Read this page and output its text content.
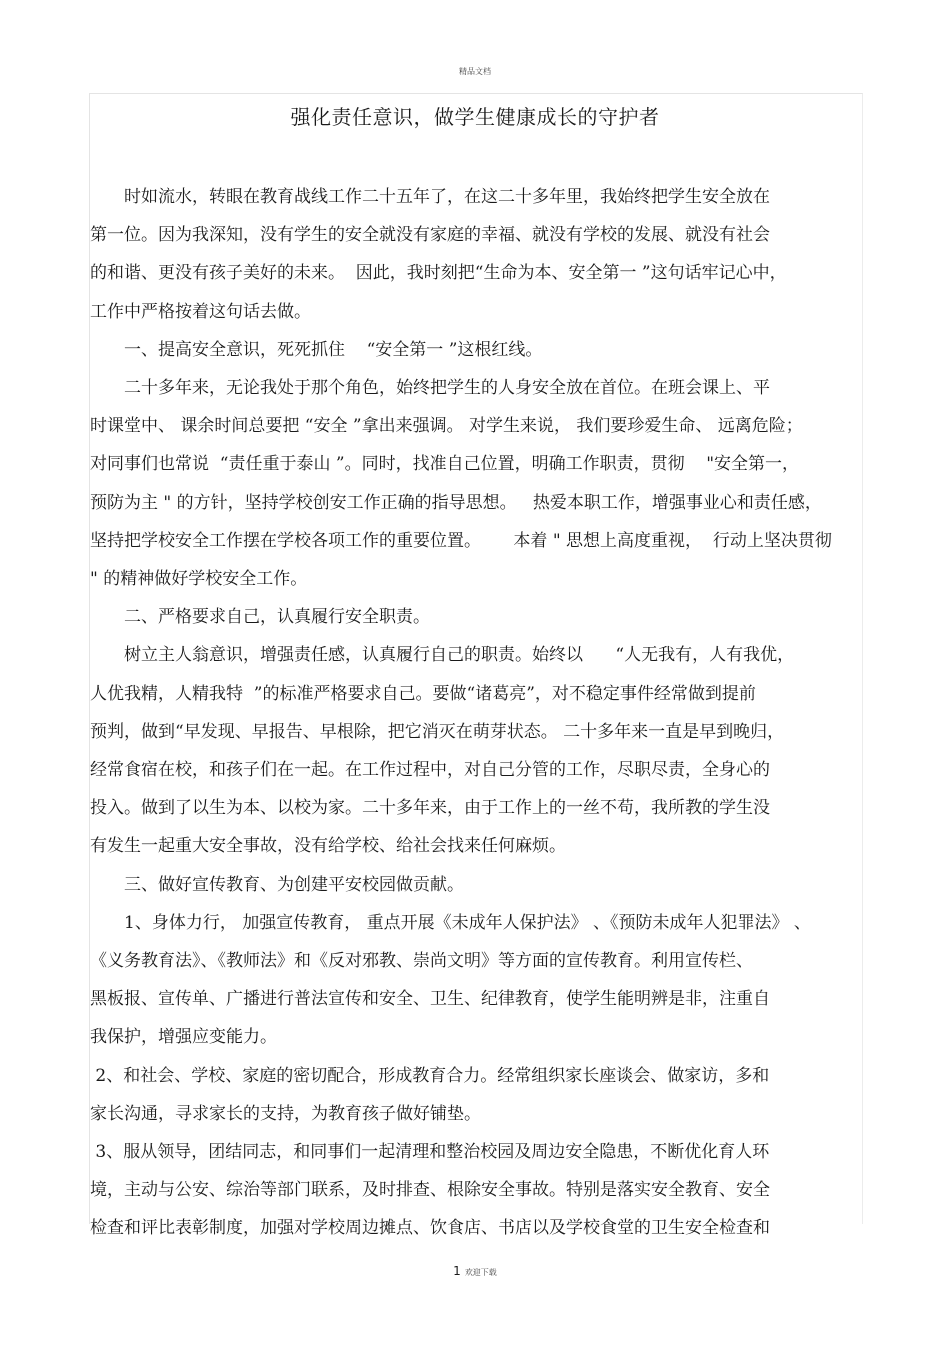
精品文档
强化责任意识，做学生健康成长的守护者
　　时如流水，转眼在教育战线工作二十五年了，在这二十多年里，我始终把学生安全放在
第一位。因为我深知，没有学生的安全就没有家庭的幸福、就没有学校的发展、就没有社会
的和谐、更没有孩子美好的未来。  因此，我时刻把“生命为本、安全第一 ”这句话牢记心中，
工作中严格按着这句话去做。
　　一、提高安全意识，死死抓住    “安全第一 ”这根红线。
　　二十多年来，无论我处于那个角色，始终把学生的人身安全放在首位。在班会课上、平
时课堂中、 课余时间总要把 “安全 ”拿出来强调。 对学生来说， 我们要珍爱生命、 远离危险；
对同事们也常说  “责任重于泰山 ”。同时，找准自己位置，明确工作职责，贯彻    "安全第一，
预防为主 " 的方针，坚持学校创安工作正确的指导思想。   热爱本职工作，增强事业心和责任感，
坚持把学校安全工作摆在学校各项工作的重要位置。      本着 " 思想上高度重视，  行动上坚决贯彻
" 的精神做好学校安全工作。
　　二、严格要求自己，认真履行安全职责。
　　树立主人翁意识，增强责任感，认真履行自己的职责。始终以      “人无我有，人有我优，
人优我精，人精我特  ”的标准严格要求自己。要做“诸葛亮”，对不稳定事件经常做到提前
预判，做到“早发现、早报告、早根除，把它消灭在萌芽状态。 二十多年来一直是早到晚归，
经常食宿在校，和孩子们在一起。在工作过程中，对自己分管的工作，尽职尽责，全身心的
投入。做到了以生为本、以校为家。二十多年来，由于工作上的一丝不苟，我所教的学生没
有发生一起重大安全事故，没有给学校、给社会找来任何麻烦。
　　三、做好宣传教育、为创建平安校园做贡献。
　　1、身体力行， 加强宣传教育， 重点开展《未成年人保护法》 、《预防未成年人犯罪法》 、
《义务教育法》、《教师法》和《反对邪教、崇尚文明》等方面的宣传教育。利用宣传栏、
黑板报、宣传单、广播进行普法宣传和安全、卫生、纪律教育，使学生能明辨是非，注重自
我保护，增强应变能力。
2、和社会、学校、家庭的密切配合，形成教育合力。经常组织家长座谈会、做家访，多和
家长沟通，寻求家长的支持，为教育孩子做好铺垫。
3、服从领导，团结同志，和同事们一起清理和整治校园及周边安全隐患，不断优化育人环
境，主动与公安、综治等部门联系，及时排查、根除安全事故。特别是落实安全教育、安全
检查和评比表彰制度，加强对学校周边摊点、饮食店、书店以及学校食堂的卫生安全检查和
1 欢迎下载
